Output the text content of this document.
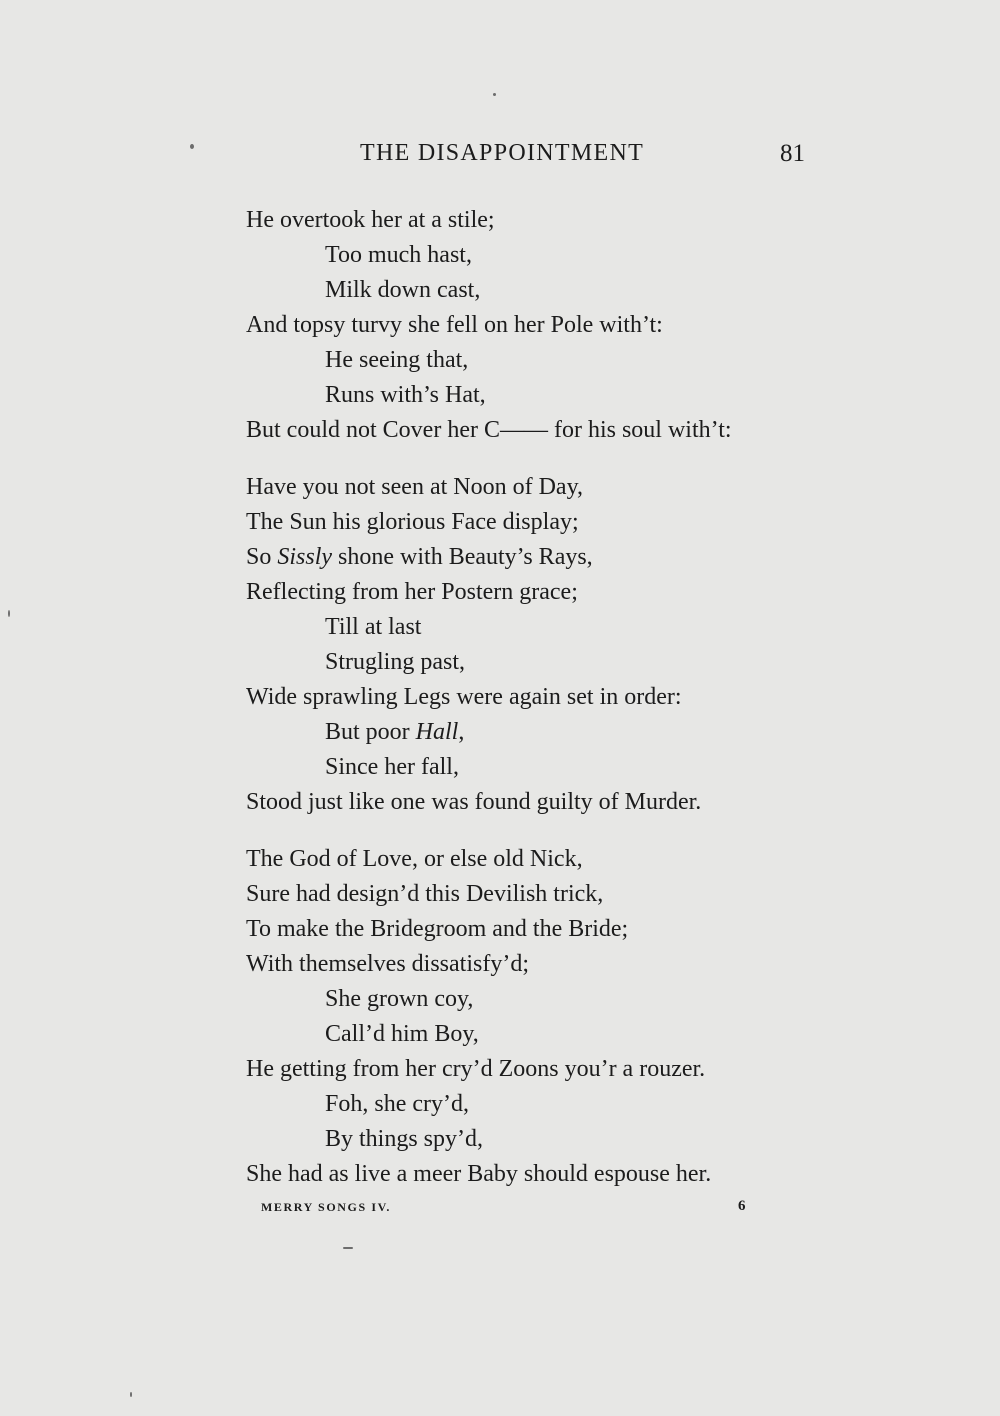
THE DISAPPOINTMENT	81
He overtook her at a stile;
Too much hast,
Milk down cast,
And topsy turvy she fell on her Pole with’t:
He seeing that,
Runs with’s Hat,
But could not Cover her C—— for his soul with’t:
Have you not seen at Noon of Day,
The Sun his glorious Face display;
So Sissly shone with Beauty’s Rays,
Reflecting from her Postern grace;
Till at last
Strugling past,
Wide sprawling Legs were again set in order:
But poor Hall,
Since her fall,
Stood just like one was found guilty of Murder.
The God of Love, or else old Nick,
Sure had design’d this Devilish trick,
To make the Bridegroom and the Bride;
With themselves dissatisfy’d;
She grown coy,
Call’d him Boy,
He getting from her cry’d Zoons you’r a rouzer.
Foh, she cry’d,
By things spy’d,
She had as live a meer Baby should espouse her.
MERRY SONGS IV.	6
